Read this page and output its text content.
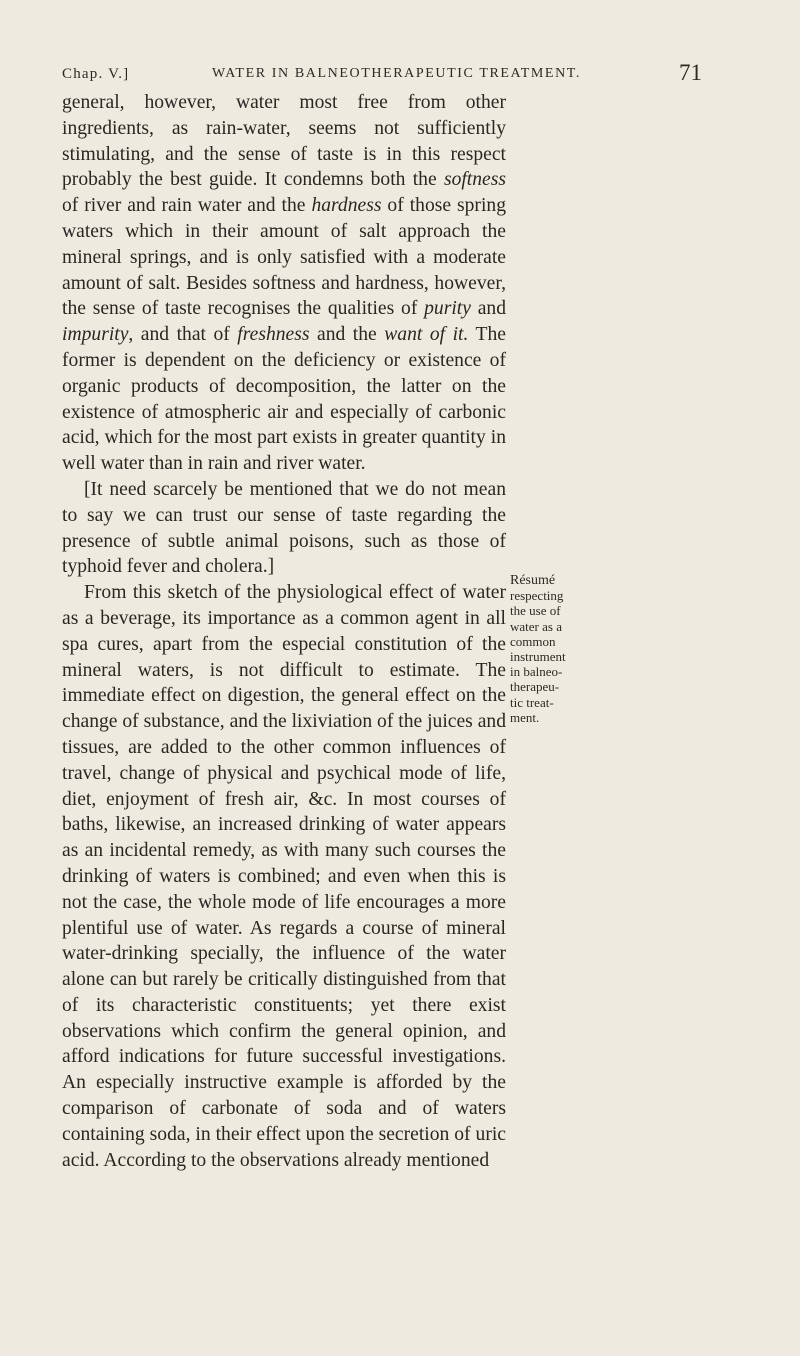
Chap. V.]	WATER IN BALNEOTHERAPEUTIC TREATMENT.	71

general, however, water most free from other ingredients, as rain-water, seems not sufficiently stimulating, and the sense of taste is in this respect probably the best guide. It condemns both the softness of river and rain water and the hardness of those spring waters which in their amount of salt approach the mineral springs, and is only satisfied with a moderate amount of salt. Besides softness and hardness, however, the sense of taste recognises the qualities of purity and impurity, and that of freshness and the want of it. The former is dependent on the deficiency or existence of organic products of decomposition, the latter on the existence of atmospheric air and especially of carbonic acid, which for the most part exists in greater quantity in well water than in rain and river water.

[It need scarcely be mentioned that we do not mean to say we can trust our sense of taste regarding the presence of subtle animal poisons, such as those of typhoid fever and cholera.]

From this sketch of the physiological effect of water as a beverage, its importance as a common agent in all spa cures, apart from the especial constitution of the mineral waters, is not difficult to estimate. The immediate effect on digestion, the general effect on the change of substance, and the lixiviation of the juices and tissues, are added to the other common influences of travel, change of physical and psychical mode of life, diet, enjoyment of fresh air, &c. In most courses of baths, likewise, an increased drinking of water appears as an incidental remedy, as with many such courses the drinking of waters is combined; and even when this is not the case, the whole mode of life encourages a more plentiful use of water. As regards a course of mineral water-drinking specially, the influence of the water alone can but rarely be critically distinguished from that of its characteristic constituents; yet there exist observations which confirm the general opinion, and afford indications for future successful investigations. An especially instructive example is afforded by the comparison of carbonate of soda and of waters containing soda, in their effect upon the secretion of uric acid. According to the observations already mentioned

Résumé
respecting
the use of
water as a
common
instrument
in balneo-
therapeu-
tic treat-
ment.
